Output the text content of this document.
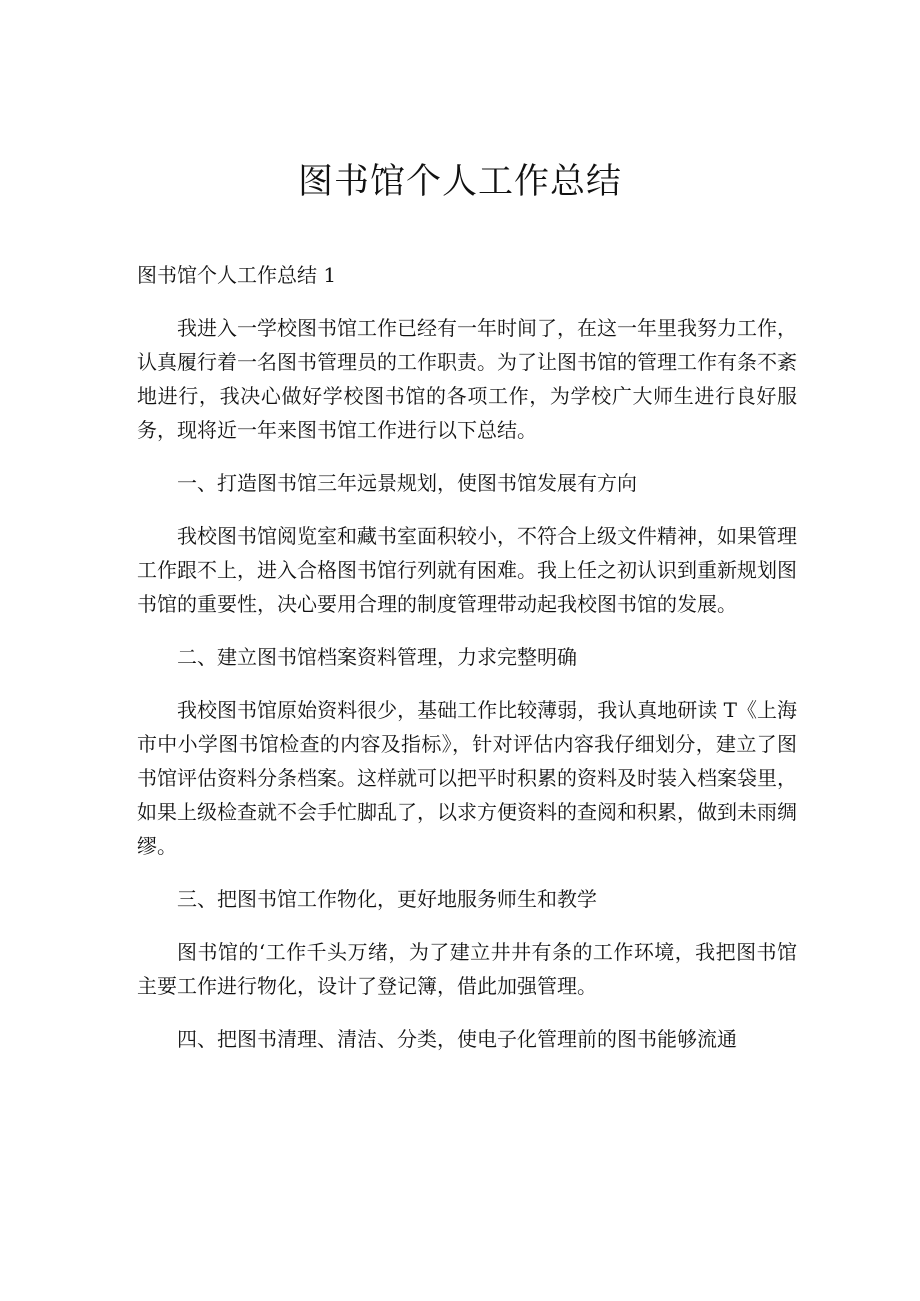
图书馆个人工作总结

图书馆个人工作总结 1

我进入一学校图书馆工作已经有一年时间了，在这一年里我努力工作，认真履行着一名图书管理员的工作职责。为了让图书馆的管理工作有条不紊地进行，我决心做好学校图书馆的各项工作，为学校广大师生进行良好服务，现将近一年来图书馆工作进行以下总结。

一、打造图书馆三年远景规划，使图书馆发展有方向

我校图书馆阅览室和藏书室面积较小，不符合上级文件精神，如果管理工作跟不上，进入合格图书馆行列就有困难。我上任之初认识到重新规划图书馆的重要性，决心要用合理的制度管理带动起我校图书馆的发展。

二、建立图书馆档案资料管理，力求完整明确

我校图书馆原始资料很少，基础工作比较薄弱，我认真地研读 T《上海市中小学图书馆检查的内容及指标》，针对评估内容我仔细划分，建立了图书馆评估资料分条档案。这样就可以把平时积累的资料及时装入档案袋里，如果上级检查就不会手忙脚乱了，以求方便资料的查阅和积累，做到未雨绸缪。

三、把图书馆工作物化，更好地服务师生和教学

图书馆的‘工作千头万绪，为了建立井井有条的工作环境，我把图书馆主要工作进行物化，设计了登记簿，借此加强管理。

四、把图书清理、清洁、分类，使电子化管理前的图书能够流通
